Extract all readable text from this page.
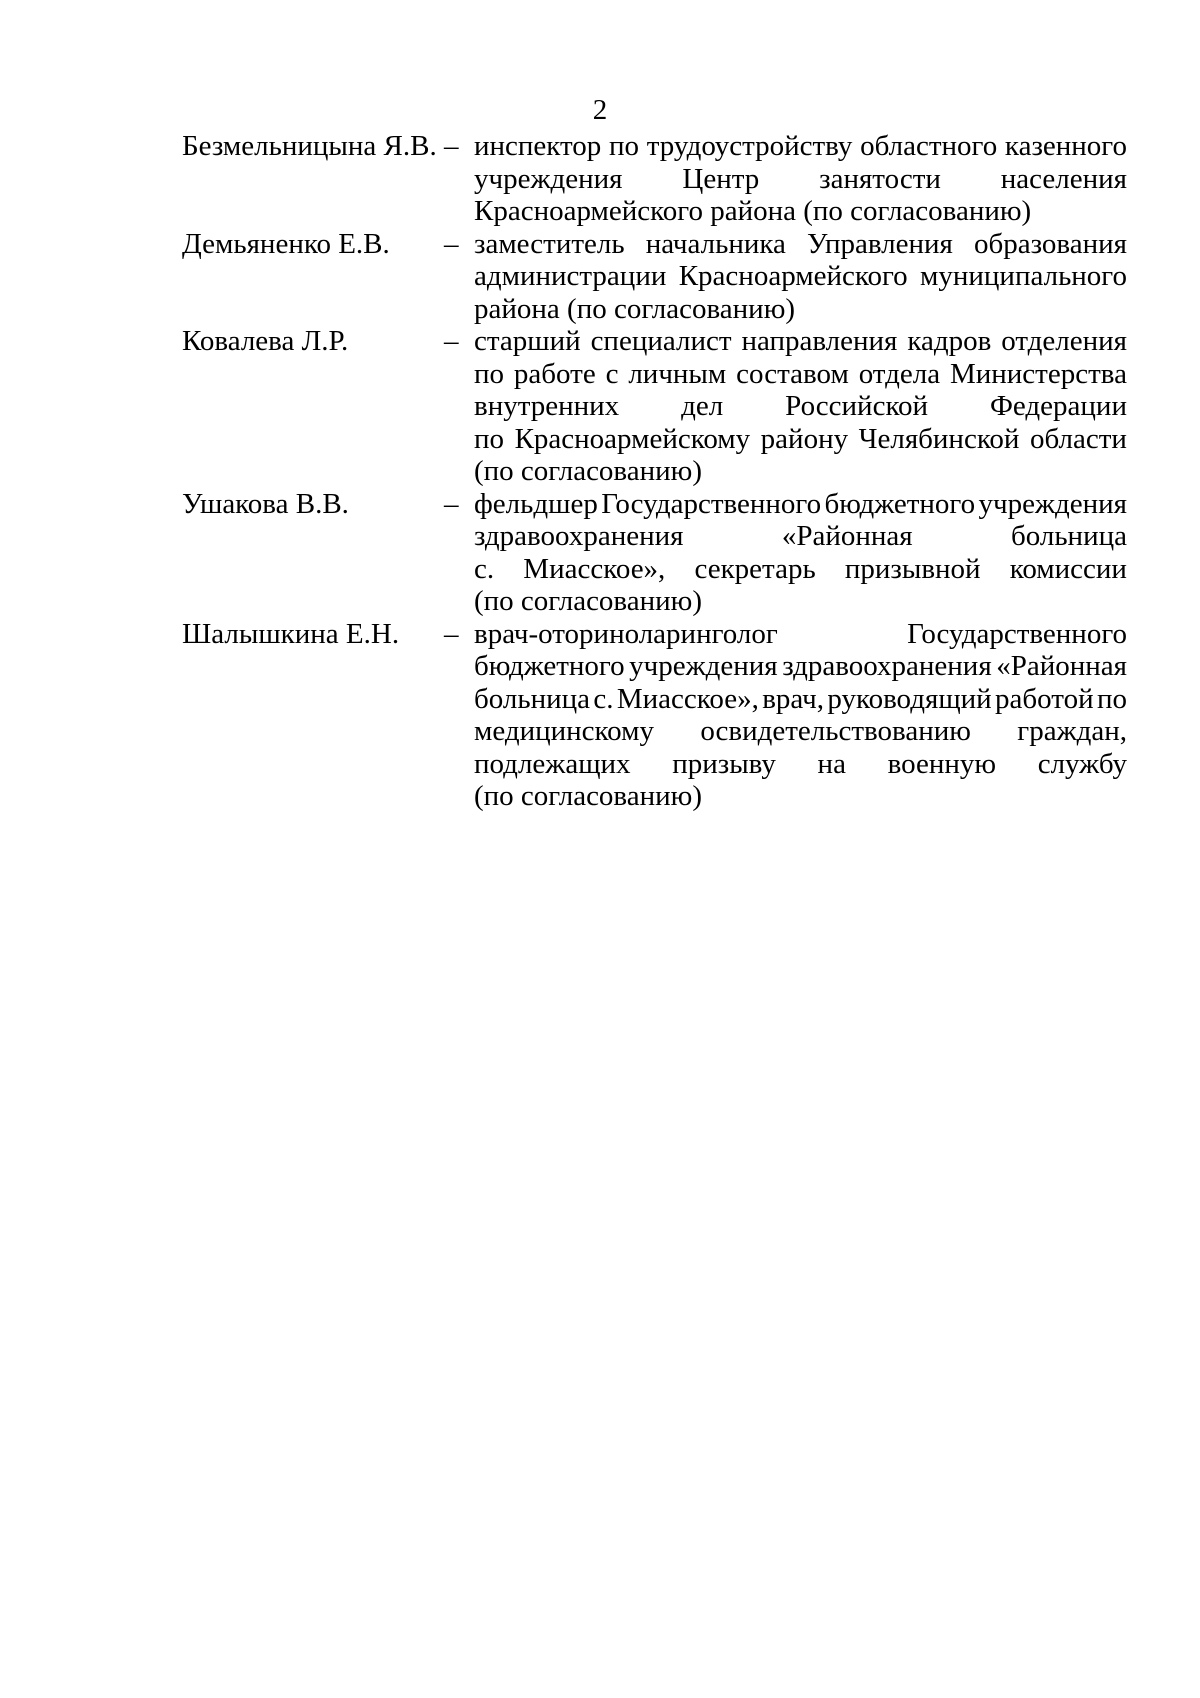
2
Безмельницына Я.В. – инспектор по трудоустройству областного казенного
учреждения Центр занятости населения
Красноармейского района (по согласованию)
Демьяненко Е.В.	– заместитель начальника Управления образования
администрации Красноармейского муниципального
района (по согласованию)
Ковалева Л.Р.	– старший специалист направления кадров отделения
по работе с личным составом отдела Министерства
внутренних дел Российской Федерации
по Красноармейскому району Челябинской области
(по согласованию)
Ушакова В.В.	– фельдшер Государственного бюджетного учреждения
здравоохранения	«Районная	больница
с. Миасское», секретарь призывной комиссии
(по согласованию)
Шалышкина Е.Н.	– врач-оториноларинголог	Государственного
бюджетного учреждения здравоохранения «Районная
больница с. Миасское», врач, руководящий работой по
медицинскому освидетельствованию граждан,
подлежащих призыву на военную службу
(по согласованию)
